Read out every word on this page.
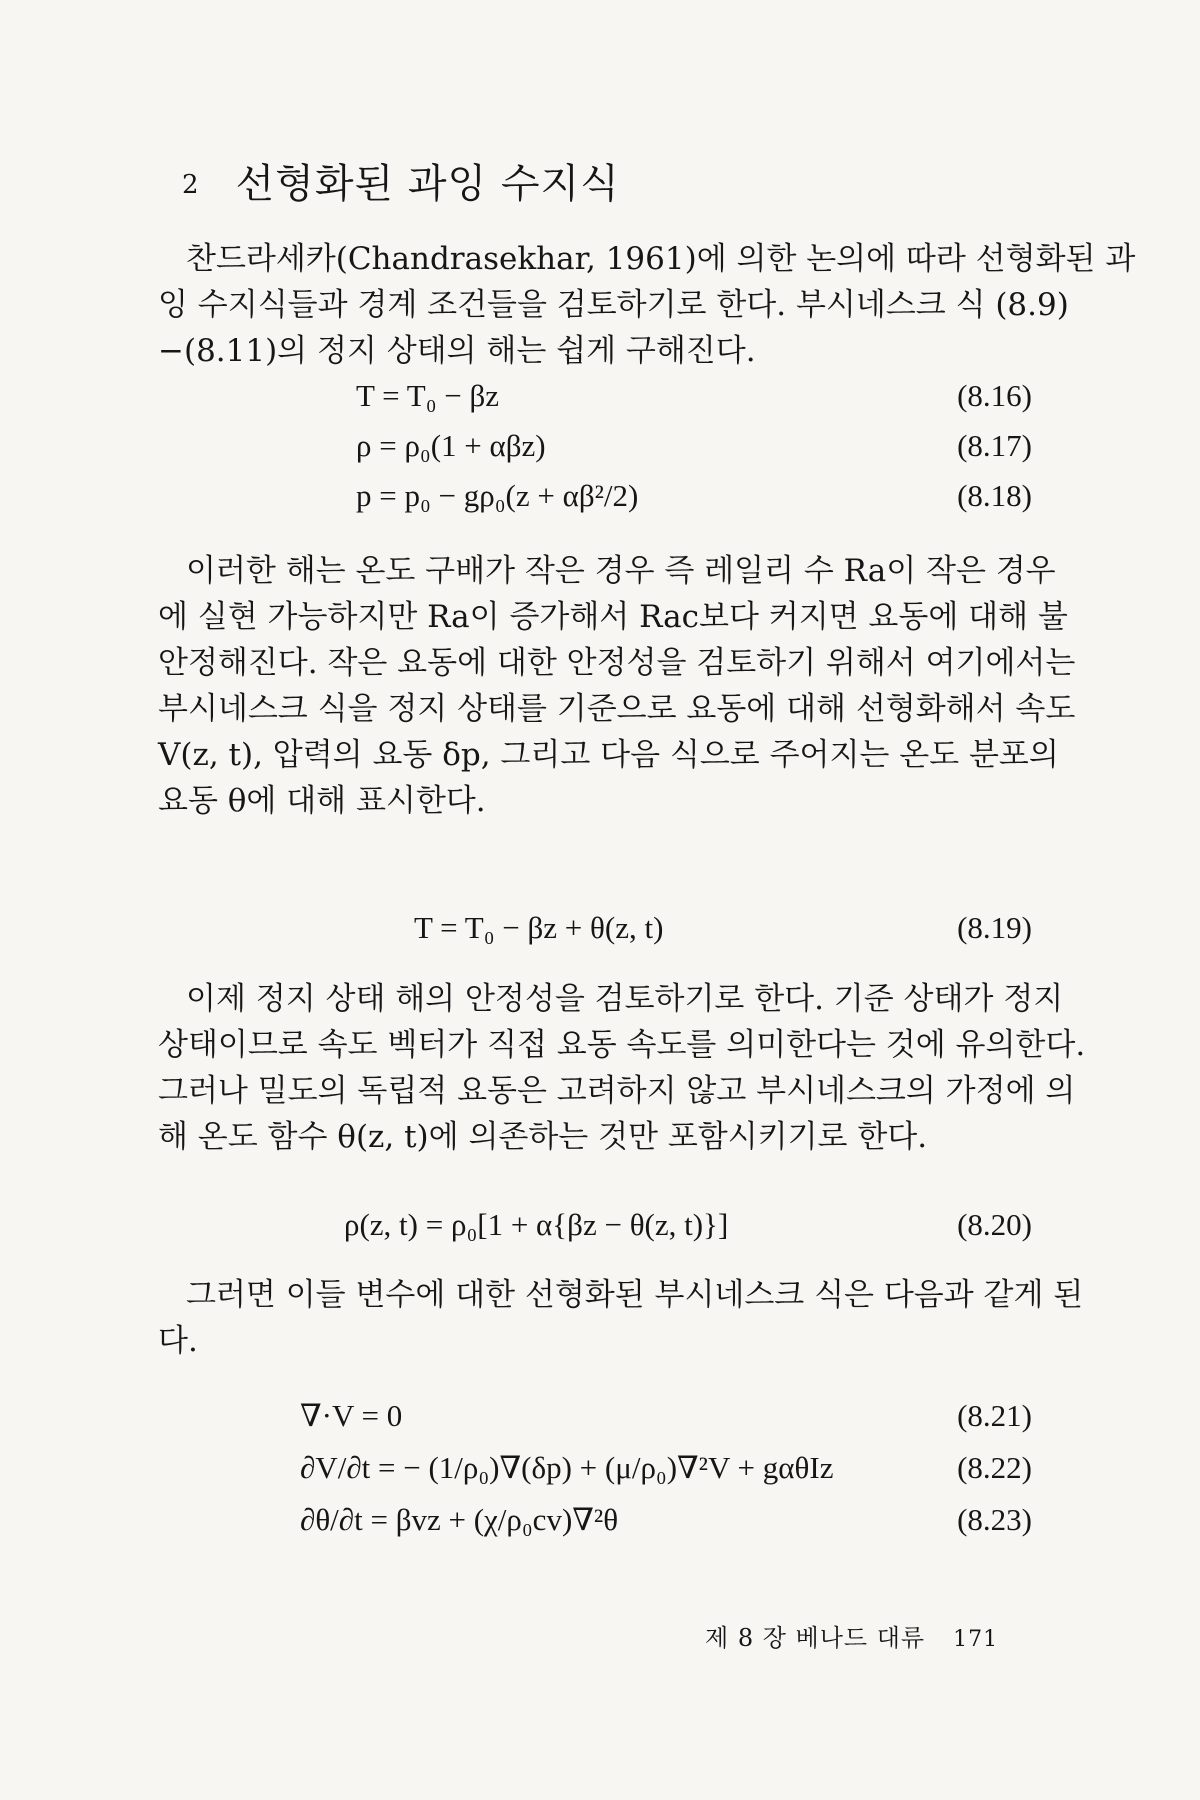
2 선형화된 과잉 수지식

찬드라세카(Chandrasekhar, 1961)에 의한 논의에 따라 선형화된 과
잉 수지식들과 경계 조건들을 검토하기로 한다. 부시네스크 식 (8.9)
−(8.11)의 정지 상태의 해는 쉽게 구해진다.

T = T₀ − βz	(8.16)
ρ = ρ₀(1 + αβz)	(8.17)
p = p₀ − gρ₀(z + αβ²/2)	(8.18)

이러한 해는 온도 구배가 작은 경우 즉 레일리 수 Ra이 작은 경우
에 실현 가능하지만 Ra이 증가해서 Rac보다 커지면 요동에 대해 불
안정해진다. 작은 요동에 대한 안정성을 검토하기 위해서 여기에서는
부시네스크 식을 정지 상태를 기준으로 요동에 대해 선형화해서 속도
V(z, t), 압력의 요동 δp, 그리고 다음 식으로 주어지는 온도 분포의
요동 θ에 대해 표시한다.

T = T₀ − βz + θ(z, t)	(8.19)

이제 정지 상태 해의 안정성을 검토하기로 한다. 기준 상태가 정지
상태이므로 속도 벡터가 직접 요동 속도를 의미한다는 것에 유의한다.
그러나 밀도의 독립적 요동은 고려하지 않고 부시네스크의 가정에 의
해 온도 함수 θ(z, t)에 의존하는 것만 포함시키기로 한다.

ρ(z, t) = ρ₀[1 + α{βz − θ(z, t)}]	(8.20)

그러면 이들 변수에 대한 선형화된 부시네스크 식은 다음과 같게 된
다.

∇·V = 0	(8.21)
∂V/∂t = − (1/ρ₀)∇(δp) + (μ/ρ₀)∇²V + gαθIz	(8.22)
∂θ/∂t = βvz + (χ/ρ₀cv)∇²θ	(8.23)
제 8 장 베나드 대류 171
